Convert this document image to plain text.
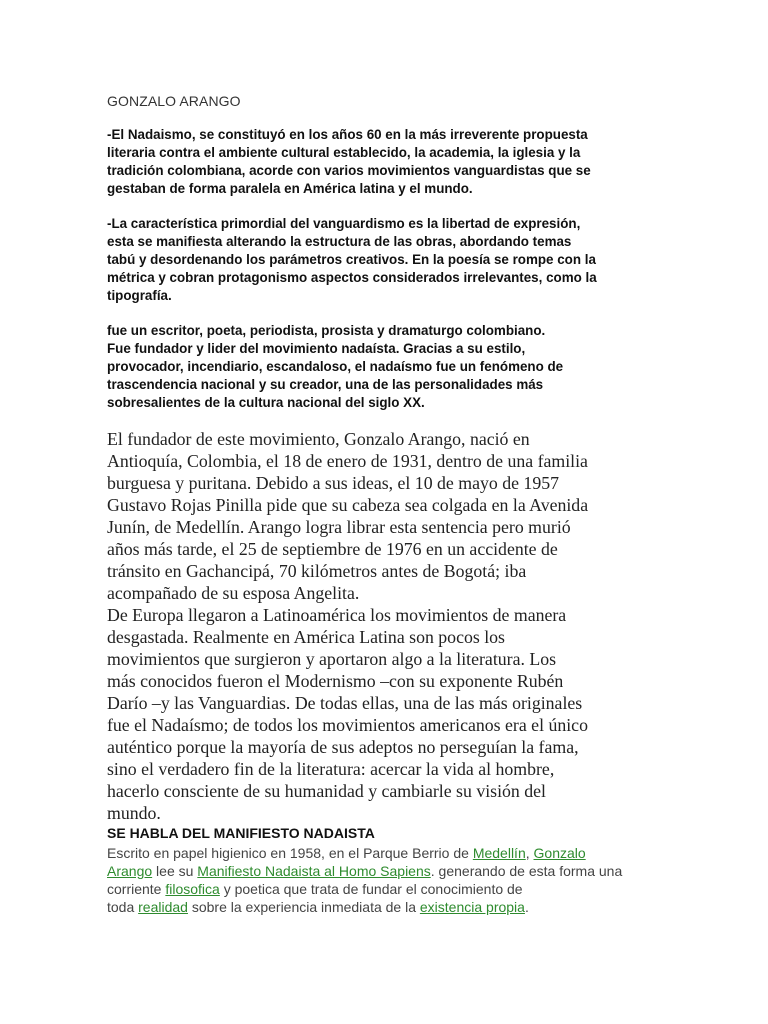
GONZALO ARANGO
-El Nadaismo, se constituyó en los años 60 en la más irreverente propuesta
literaria contra el ambiente cultural establecido, la academia, la iglesia y la
tradición colombiana, acorde con varios movimientos vanguardistas que se
gestaban de forma paralela en América latina y el mundo.
-La característica primordial del vanguardismo es la libertad de expresión,
esta se manifiesta alterando la estructura de las obras, abordando temas
tabú y desordenando los parámetros creativos. En la poesía se rompe con la
métrica y cobran protagonismo aspectos considerados irrelevantes, como la
tipografía.
fue un escritor, poeta, periodista, prosista y dramaturgo colombiano.
Fue fundador y lider del movimiento nadaísta. Gracias a su estilo,
provocador, incendiario, escandaloso, el nadaísmo fue un fenómeno de
trascendencia nacional y su creador, una de las personalidades más
sobresalientes de la cultura nacional del siglo XX.

El fundador de este movimiento, Gonzalo Arango, nació en
Antioquía, Colombia, el 18 de enero de 1931, dentro de una familia
burguesa y puritana. Debido a sus ideas, el 10 de mayo de 1957
Gustavo Rojas Pinilla pide que su cabeza sea colgada en la Avenida
Junín, de Medellín. Arango logra librar esta sentencia pero murió
años más tarde, el 25 de septiembre de 1976 en un accidente de
tránsito en Gachancipá, 70 kilómetros antes de Bogotá; iba
acompañado de su esposa Angelita.

De Europa llegaron a Latinoamérica los movimientos de manera
desgastada. Realmente en América Latina son pocos los
movimientos que surgieron y aportaron algo a la literatura. Los
más conocidos fueron el Modernismo –con su exponente Rubén
Darío –y las Vanguardias. De todas ellas, una de las más originales
fue el Nadaísmo; de todos los movimientos americanos era el único
auténtico porque la mayoría de sus adeptos no perseguían la fama,
sino el verdadero fin de la literatura: acercar la vida al hombre,
hacerlo consciente de su humanidad y cambiarle su visión del
mundo.

SE HABLA DEL MANIFIESTO NADAISTA
Escrito en papel higienico en 1958, en el Parque Berrio de Medellín, Gonzalo
Arango lee su Manifiesto Nadaista al Homo Sapiens. generando de esta forma una
corriente filosofica y poetica que trata de fundar el conocimiento de
toda realidad sobre la experiencia inmediata de la existencia propia.
